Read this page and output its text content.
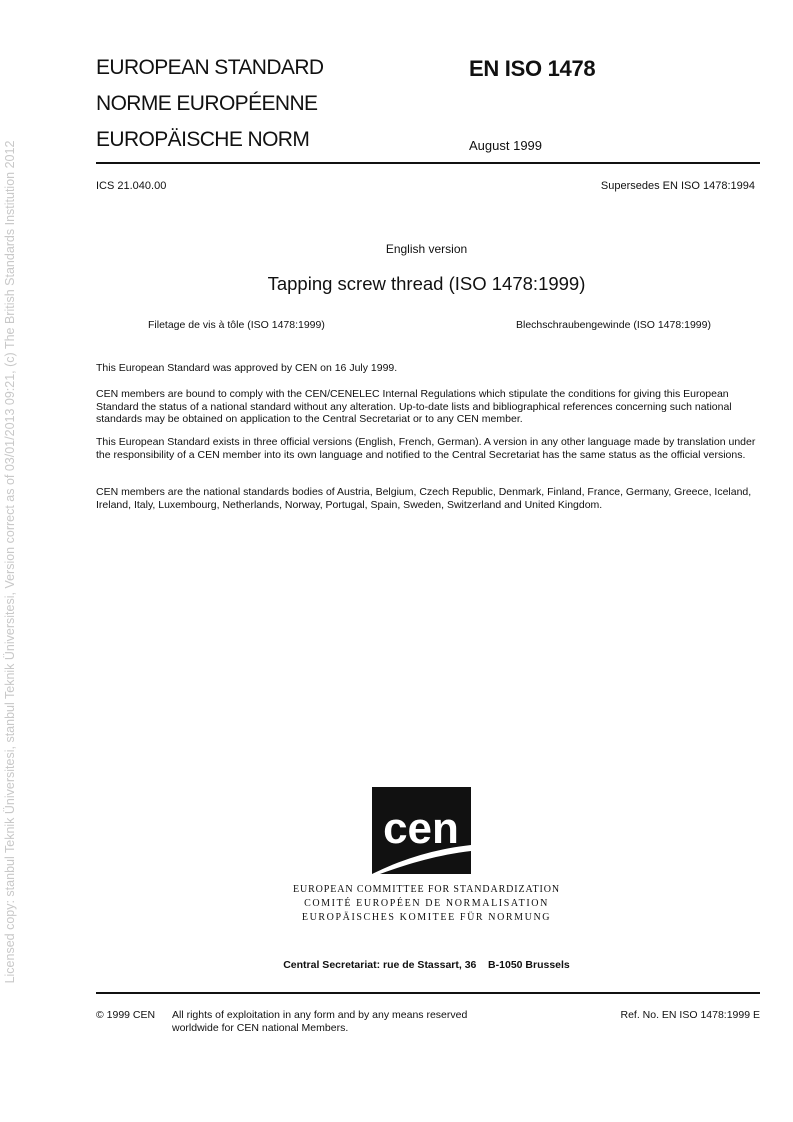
Licensed copy: stanbul Teknik Üniversitesi, stanbul Teknik Üniversitesi, Version correct as of 03/01/2013 09:21, (c) The British Standards Institution 2012
EUROPEAN STANDARD
NORME EUROPÉENNE
EUROPÄISCHE NORM
EN ISO 1478
August 1999
ICS 21.040.00	Supersedes EN ISO 1478:1994
English version
Tapping screw thread (ISO 1478:1999)
Filetage de vis à tôle (ISO 1478:1999)	Blechschraubengewinde (ISO 1478:1999)
This European Standard was approved by CEN on 16 July 1999.
CEN members are bound to comply with the CEN/CENELEC Internal Regulations which stipulate the conditions for giving this European Standard the status of a national standard without any alteration. Up-to-date lists and bibliographical references concerning such national standards may be obtained on application to the Central Secretariat or to any CEN member.
This European Standard exists in three official versions (English, French, German). A version in any other language made by translation under the responsibility of a CEN member into its own language and notified to the Central Secretariat has the same status as the official versions.
CEN members are the national standards bodies of Austria, Belgium, Czech Republic, Denmark, Finland, France, Germany, Greece, Iceland, Ireland, Italy, Luxembourg, Netherlands, Norway, Portugal, Spain, Sweden, Switzerland and United Kingdom.
cen
EUROPEAN COMMITTEE FOR STANDARDIZATION
COMITÉ EUROPÉEN DE NORMALISATION
EUROPÄISCHES KOMITEE FÜR NORMUNG
Central Secretariat: rue de Stassart, 36    B-1050 Brussels
© 1999 CEN All rights of exploitation in any form and by any means reserved worldwide for CEN national Members.
Ref. No. EN ISO 1478:1999 E
